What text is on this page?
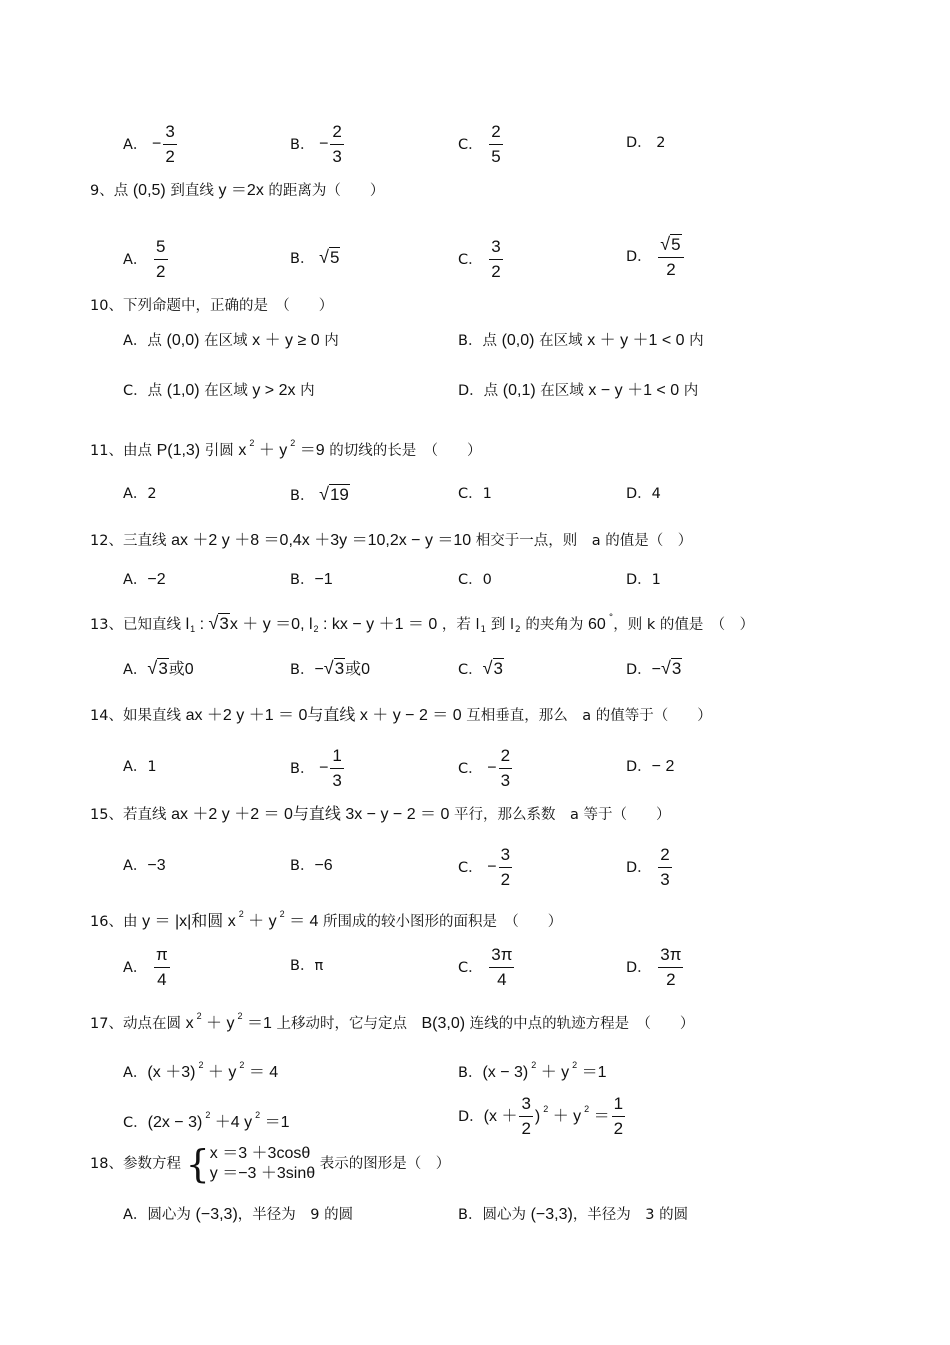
A． − $\frac{3}{2}$	B． − $\frac{2}{3}$	C． $\frac{2}{5}$	D． 2
9、点 (0,5) 到直线 y ＝2x 的距离为（　　）
A． $\frac{5}{2}$	B． √5	C． $\frac{3}{2}$	D． $\frac{√5}{2}$
10、下列命题中，正确的是　（　　）
A．点 (0,0) 在区域 x ＋ y ≥ 0 内	B．点 (0,0) 在区域 x ＋ y ＋1 < 0 内
C．点 (1,0) 在区域 y > 2x 内	D．点 (0,1) 在区域 x − y ＋1 < 0 内
11、由点 P(1,3) 引圆 x $^2$ ＋ y $^2$ ＝9 的切线的长是　（　　）
A．2	B． √19	C．1	D．4
12、三直线 ax ＋2 y ＋8 ＝0,4x ＋3y ＝10,2x − y ＝10 相交于一点，则　a 的值是（　）
A．−2	B．−1	C．0	D．1
13、已知直线 $l_1$ : √3x ＋ y ＝0, $l_2$ : kx − y ＋1 ＝ 0 ，若 $l_1$ 到 $l_2$ 的夹角为 60 °，则 k 的值是　（　）
A．√3或0	B．−√3或0	C．√3	D．−√3
14、如果直线 ax ＋2 y ＋1 ＝ 0与直线 x ＋ y − 2 ＝ 0 互相垂直，那么　a 的值等于（　　）
A．1	B． − $\frac{1}{3}$	C． − $\frac{2}{3}$	D．− 2
15、若直线 ax ＋2 y ＋2 ＝ 0与直线 3x − y − 2 ＝ 0 平行，那么系数　a 等于（　　）
A．−3	B．−6	C． − $\frac{3}{2}$	D． $\frac{2}{3}$
16、由 y ＝ |x|和圆 x $^2$ ＋ y $^2$ ＝ 4 所围成的较小图形的面积是　（　　）
A． $\frac{\pi}{4}$	B．π	C． $\frac{3\pi}{4}$	D． $\frac{3\pi}{2}$
17、动点在圆 x $^2$ ＋ y $^2$ ＝1 上移动时，它与定点　B(3,0) 连线的中点的轨迹方程是　（　　）
A．(x ＋3) $^2$ ＋ y $^2$ ＝ 4	B．(x − 3) $^2$ ＋ y $^2$ ＝1
C．(2x − 3) $^2$ ＋4 y $^2$ ＝1	D．($x + \frac{3}{2}$ ) $^2$ ＋ y $^2 = \frac{1}{2}$
18、参数方程 { x ＝3 ＋3cosθ
y ＝−3 ＋3sinθ
表示的图形是（　）
A．圆心为 (−3,3)，半径为　9 的圆	B．圆心为 (−3,3)，半径为　3 的圆
